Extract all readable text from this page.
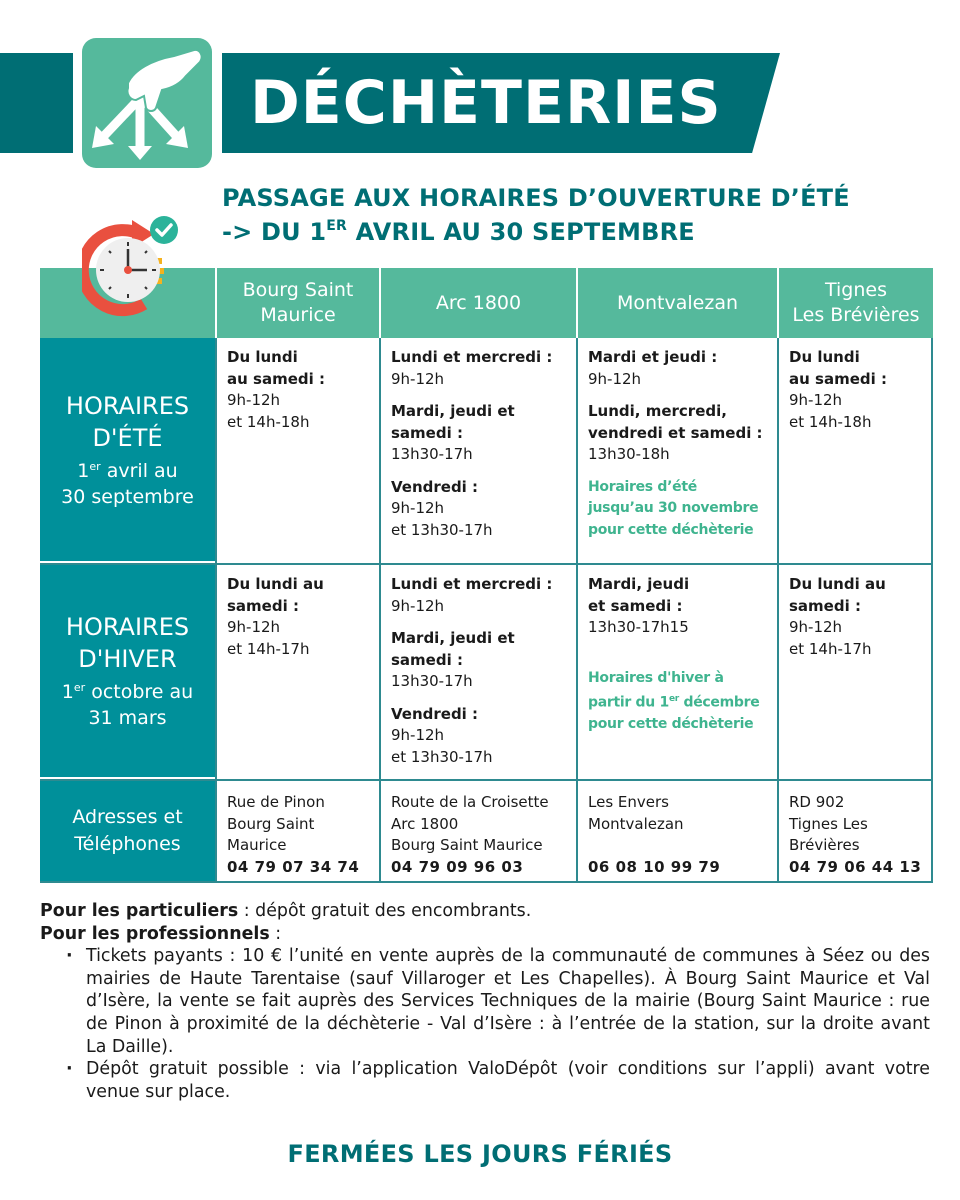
DÉCHÈTERIES
PASSAGE AUX HORAIRES D’OUVERTURE D’ÉTÉ
-> DU 1ER AVRIL AU 30 SEPTEMBRE
Bourg Saint
Maurice
Arc 1800	Montvalezan
Tignes
Les Brévières
HORAIRES
D'ÉTÉ
1er avril au
30 septembre
Du lundi
au samedi :
9h-12h
et 14h-18h
Lundi et mercredi :
9h-12h
Mardi, jeudi et
samedi :
13h30-17h
Vendredi :
9h-12h
et 13h30-17h
Mardi et jeudi :
9h-12h
Lundi, mercredi,
vendredi et samedi :
13h30-18h
Horaires d’été
jusqu’au 30 novembre
pour cette déchèterie
Du lundi
au samedi :
9h-12h
et 14h-18h
HORAIRES
D'HIVER
1er octobre au
31 mars
Du lundi au
samedi :
9h-12h
et 14h-17h
Lundi et mercredi :
9h-12h
Mardi, jeudi et
samedi :
13h30-17h
Vendredi :
9h-12h
et 13h30-17h
Mardi, jeudi
et samedi :
13h30-17h15
Horaires d'hiver à
partir du 1er décembre
pour cette déchèterie
Du lundi au
samedi :
9h-12h
et 14h-17h
Adresses et
Téléphones
Rue de Pinon
Bourg Saint
Maurice
04 79 07 34 74
Route de la Croisette
Arc 1800
Bourg Saint Maurice
04 79 09 96 03
Les Envers
Montvalezan
06 08 10 99 79
RD 902
Tignes Les
Brévières
04 79 06 44 13
Pour les particuliers : dépôt gratuit des encombrants.
Pour les professionnels :
· Tickets payants : 10 € l’unité en vente auprès de la communauté de communes à Séez ou des mairies de Haute Tarentaise (sauf Villaroger et Les Chapelles). À Bourg Saint Maurice et Val d’Isère, la vente se fait auprès des Services Techniques de la mairie (Bourg Saint Maurice : rue de Pinon à proximité de la déchèterie - Val d’Isère : à l’entrée de la station, sur la droite avant La Daille).
· Dépôt gratuit possible : via l’application ValoDépôt (voir conditions sur l’appli) avant votre venue sur place.
FERMÉES LES JOURS FÉRIÉS
